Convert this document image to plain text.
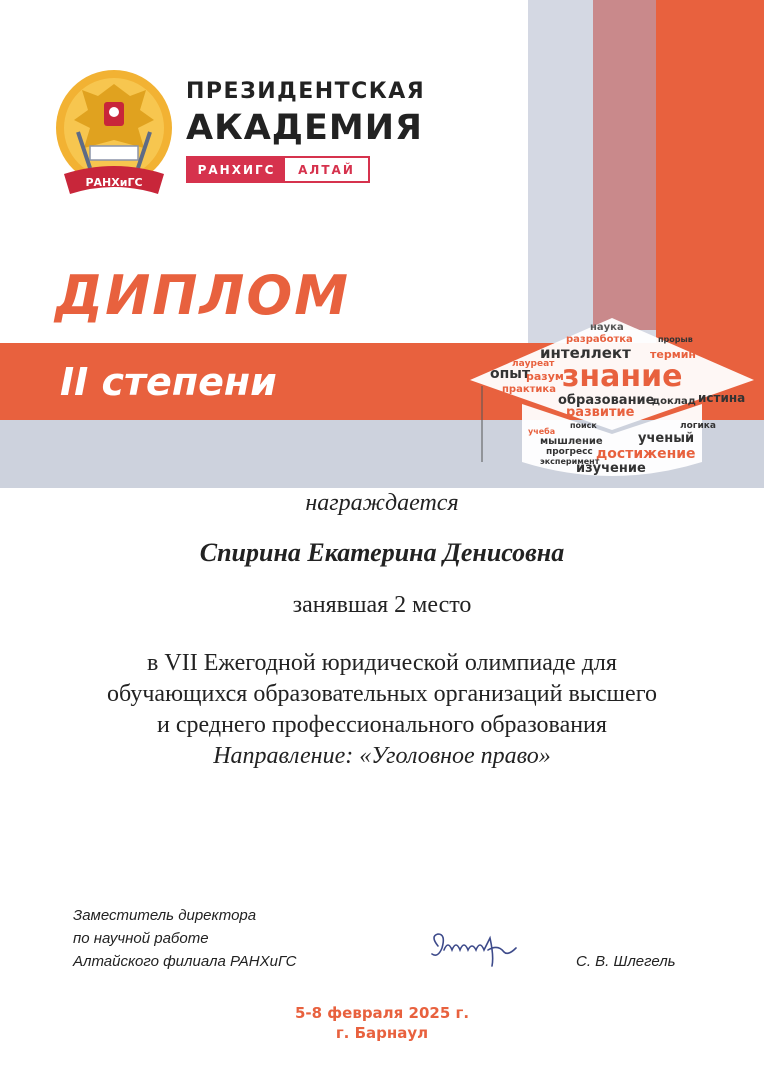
РАНХиГС
ПРЕЗИДЕНТСКАЯ
АКАДЕМИЯ
РАНХИГС	АЛТАЙ
ДИПЛОМ
II степени
наука
разработка
интеллект
опыт
лауреат знание
разум
практика
образование	истина
развитие
ученый
термин
мышление
прогресс достижение
изучение
логика
поиск
доклад
учеба
эксперимент
прорыв
награждается
Спирина Екатерина Денисовна
занявшая 2 место
в VII Ежегодной юридической олимпиаде для
обучающихся образовательных организаций высшего
и среднего профессионального образования
Направление: «Уголовное право»
Заместитель директора
по научной работе
Алтайского филиала РАНХиГС	С. В. Шлегель
5-8 февраля 2025 г.
г. Барнаул
